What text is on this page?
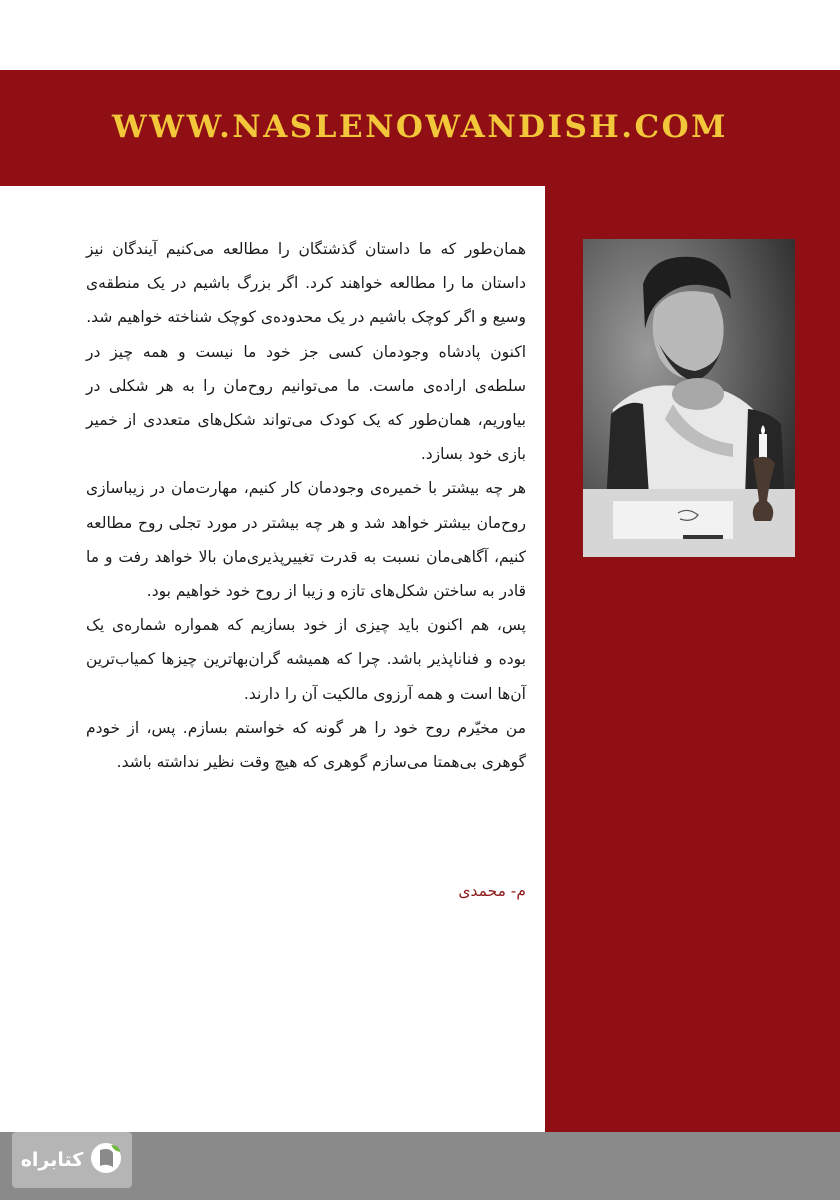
WWW.NASLENOWANDISH.COM

همان‌طور که ما داستان گذشتگان را مطالعه می‌کنیم آیندگان نیز داستان ما را مطالعه خواهند کرد. اگر بزرگ باشیم در یک منطقه‌ی وسیع و اگر کوچک باشیم در یک محدوده‌ی کوچک شناخته خواهیم شد.

اکنون پادشاه وجودمان کسی جز خود ما نیست و همه چیز در سلطه‌ی اراده‌ی ماست. ما می‌توانیم روح‌مان را به هر شکلی در بیاوریم، همان‌طور که یک کودک می‌تواند شکل‌های متعددی از خمیر بازی خود بسازد.

هر چه بیشتر با خمیره‌ی وجودمان کار کنیم، مهارت‌مان در زیباسازی روح‌مان بیشتر خواهد شد و هر چه بیشتر در مورد تجلی روح مطالعه کنیم، آگاهی‌مان نسبت به قدرت تغییرپذیری‌مان بالا خواهد رفت و ما قادر به ساختن شکل‌های تازه و زیبا از روح خود خواهیم بود.

پس، هم اکنون باید چیزی از خود بسازیم که همواره شماره‌ی یک بوده و فناناپذیر باشد. چرا که همیشه گران‌بهاترین چیزها کمیاب‌ترین آن‌ها است و همه آرزوی مالکیت آن را دارند.

من مخیّرم روح خود را هر گونه که خواستم بسازم. پس، از خودم گوهری بی‌همتا می‌سازم گوهری که هیچ وقت نظیر نداشته باشد.

م- محمدی
کتابراه
